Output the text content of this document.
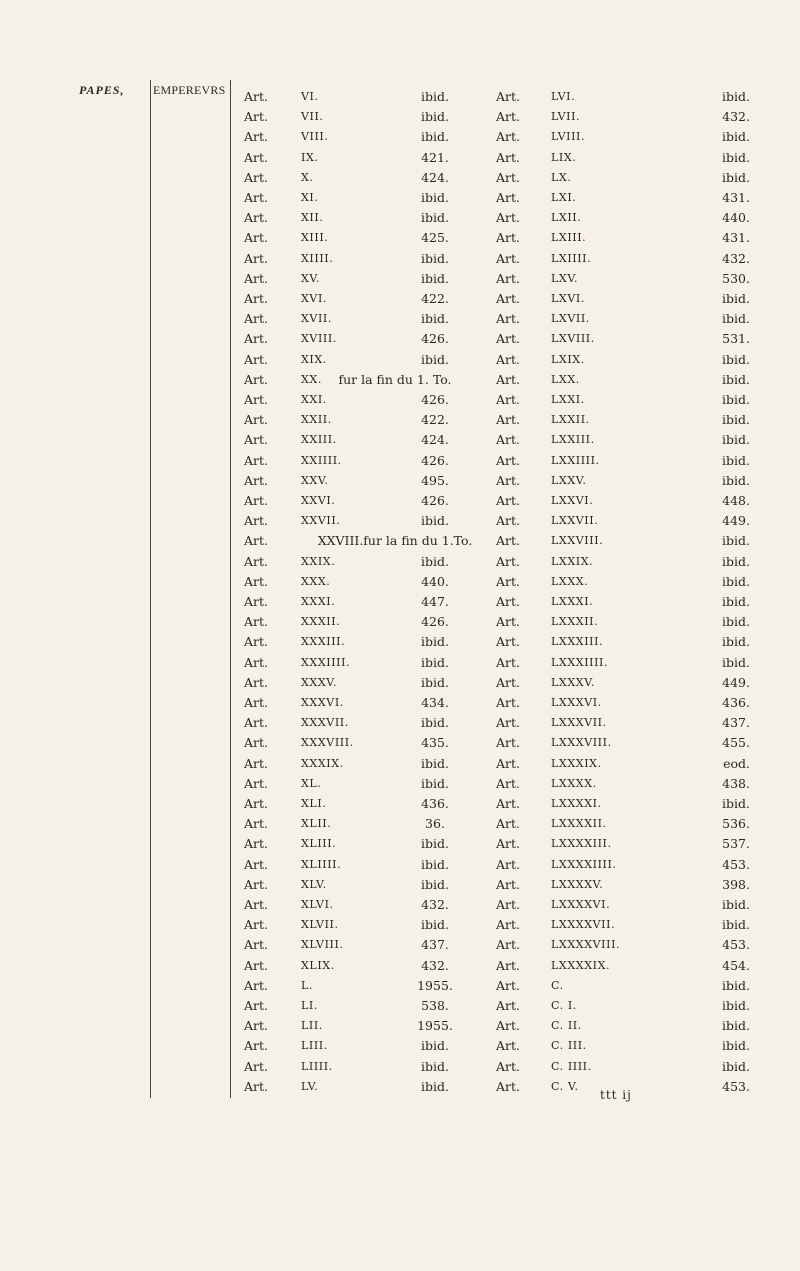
PAPES, EMPEREVRS Art.	VI.	ibid.	Art.	LVI.	ibid.
Art.	VII.	ibid.	Art.	LVII.	432.
Art.	VIII.	ibid.	Art.	LVIII.	ibid.
Art.	IX.	421.	Art.	LIX.	ibid.
Art.	X.	424.	Art.	LX.	ibid.
Art.	XI.	ibid.	Art.	LXI.	431.
Art.	XII.	ibid.	Art.	LXII.	440.
Art.	XIII.	425.	Art.	LXIII.	431.
Art.	XIIII.	ibid.	Art.	LXIIII.	432.
Art.	XV.	ibid.	Art.	LXV.	530.
Art.	XVI.	422.	Art.	LXVI.	ibid.
Art.	XVII.	ibid.	Art.	LXVII.	ibid.
Art.	XVIII.	426.	Art.	LXVIII.	531.
Art.	XIX.	ibid.	Art.	LXIX.	ibid.
Art.	XX.	fur la fin du 1. To.	Art.	LXX.	ibid.
Art.	XXI.	426.	Art.	LXXI.	ibid.
Art.	XXII.	422.	Art.	LXXII.	ibid.
Art.	XXIII.	424.	Art.	LXXIII.	ibid.
Art.	XXIIII.	426.	Art.	LXXIIII.	ibid.
Art.	XXV.	495.	Art.	LXXV.	ibid.
Art.	XXVI.	426.	Art.	LXXVI.	448.
Art.	XXVII.	ibid.	Art.	LXXVII.	449.
Art.	XXVIII.fur la fin du 1.To.	Art.	LXXVIII.	ibid.
Art.	XXIX.	ibid.	Art.	LXXIX.	ibid.
Art.	XXX.	440.	Art.	LXXX.	ibid.
Art.	XXXI.	447.	Art.	LXXXI.	ibid.
Art.	XXXII.	426.	Art.	LXXXII.	ibid.
Art.	XXXIII.	ibid.	Art.	LXXXIII.	ibid.
Art.	XXXIIII.	ibid.	Art.	LXXXIIII.	ibid.
Art.	XXXV.	ibid.	Art.	LXXXV.	449.
Art.	XXXVI.	434.	Art.	LXXXVI.	436.
Art.	XXXVII.	ibid.	Art.	LXXXVII.	437.
Art.	XXXVIII.	435.	Art.	LXXXVIII.	455.
Art.	XXXIX.	ibid.	Art.	LXXXIX.	eod.
Art.	XL.	ibid.	Art.	LXXXX.	438.
Art.	XLI.	436.	Art.	LXXXXI.	ibid.
Art.	XLII.	36.	Art.	LXXXXII.	536.
Art.	XLIII.	ibid.	Art.	LXXXXIII.	537.
Art.	XLIIII.	ibid.	Art.	LXXXXIIII.	453.
Art.	XLV.	ibid.	Art.	LXXXXV.	398.
Art.	XLVI.	432.	Art.	LXXXXVI.	ibid.
Art.	XLVII.	ibid.	Art.	LXXXXVII.	ibid.
Art.	XLVIII.	437.	Art.	LXXXXVIII.	453.
Art.	XLIX.	432.	Art.	LXXXXIX.	454.
Art.	L.	1955.	Art.	C.	ibid.
Art.	LI.	538.	Art.	C. I.	ibid.
Art.	LII.	1955.	Art.	C. II.	ibid.
Art.	LIII.	ibid.	Art.	C. III.	ibid.
Art.	LIIII.	ibid.	Art.	C. IIII.	ibid.
Art.	LV.	ibid.	Art.	C. V.	453.
ttt ij
